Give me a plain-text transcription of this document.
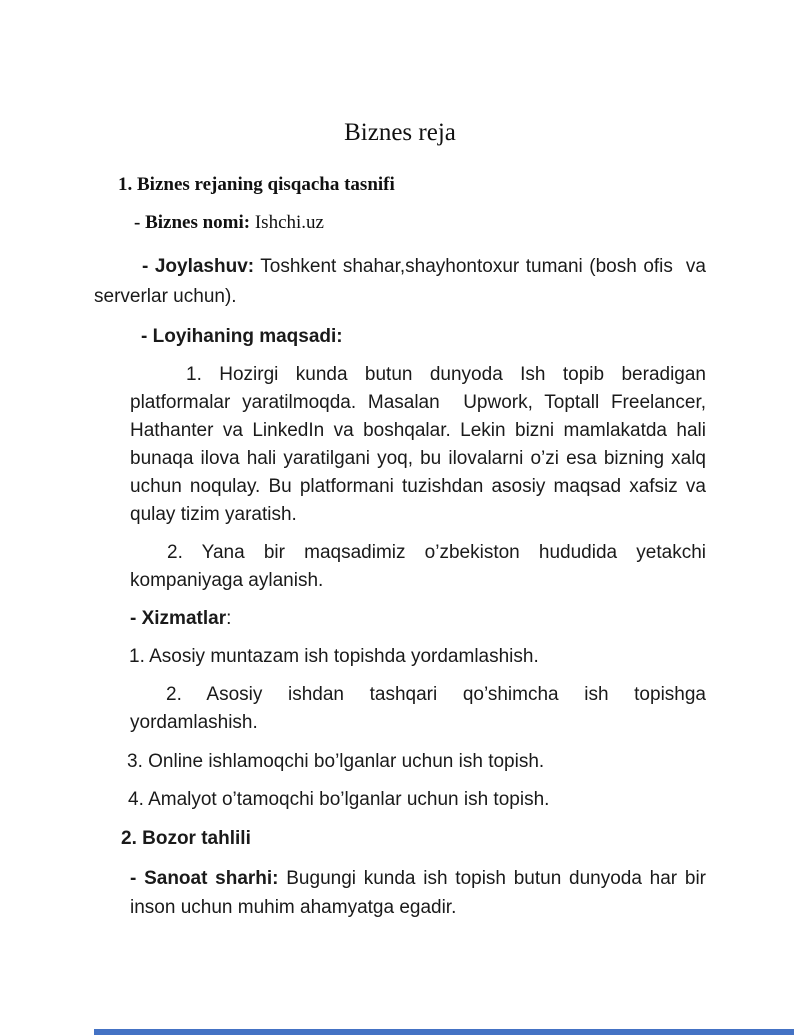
Biznes reja
1. Biznes rejaning qisqacha tasnifi
- Biznes nomi: Ishchi.uz
- Joylashuv: Toshkent shahar,shayhontoxur tumani (bosh ofis  va serverlar uchun).
- Loyihaning maqsadi:
1. Hozirgi kunda butun dunyoda Ish topib beradigan platformalar yaratilmoqda. Masalan  Upwork, Toptall Freelancer, Hathanter va LinkedIn va boshqalar. Lekin bizni mamlakatda hali bunaqa ilova hali yaratilgani yoq, bu ilovalarni o’zi esa bizning xalq uchun noqulay. Bu platformani tuzishdan asosiy maqsad xafsiz va qulay tizim yaratish.
2. Yana bir maqsadimiz o’zbekiston hududida yetakchi kompaniyaga aylanish.
- Xizmatlar:
1. Asosiy muntazam ish topishda yordamlashish.
2. Asosiy ishdan tashqari qo’shimcha ish topishga yordamlashish.
3. Online ishlamoqchi bo’lganlar uchun ish topish.
4. Amalyot o’tamoqchi bo’lganlar uchun ish topish.
2. Bozor tahlili
- Sanoat sharhi: Bugungi kunda ish topish butun dunyoda har bir inson uchun muhim ahamyatga egadir.
